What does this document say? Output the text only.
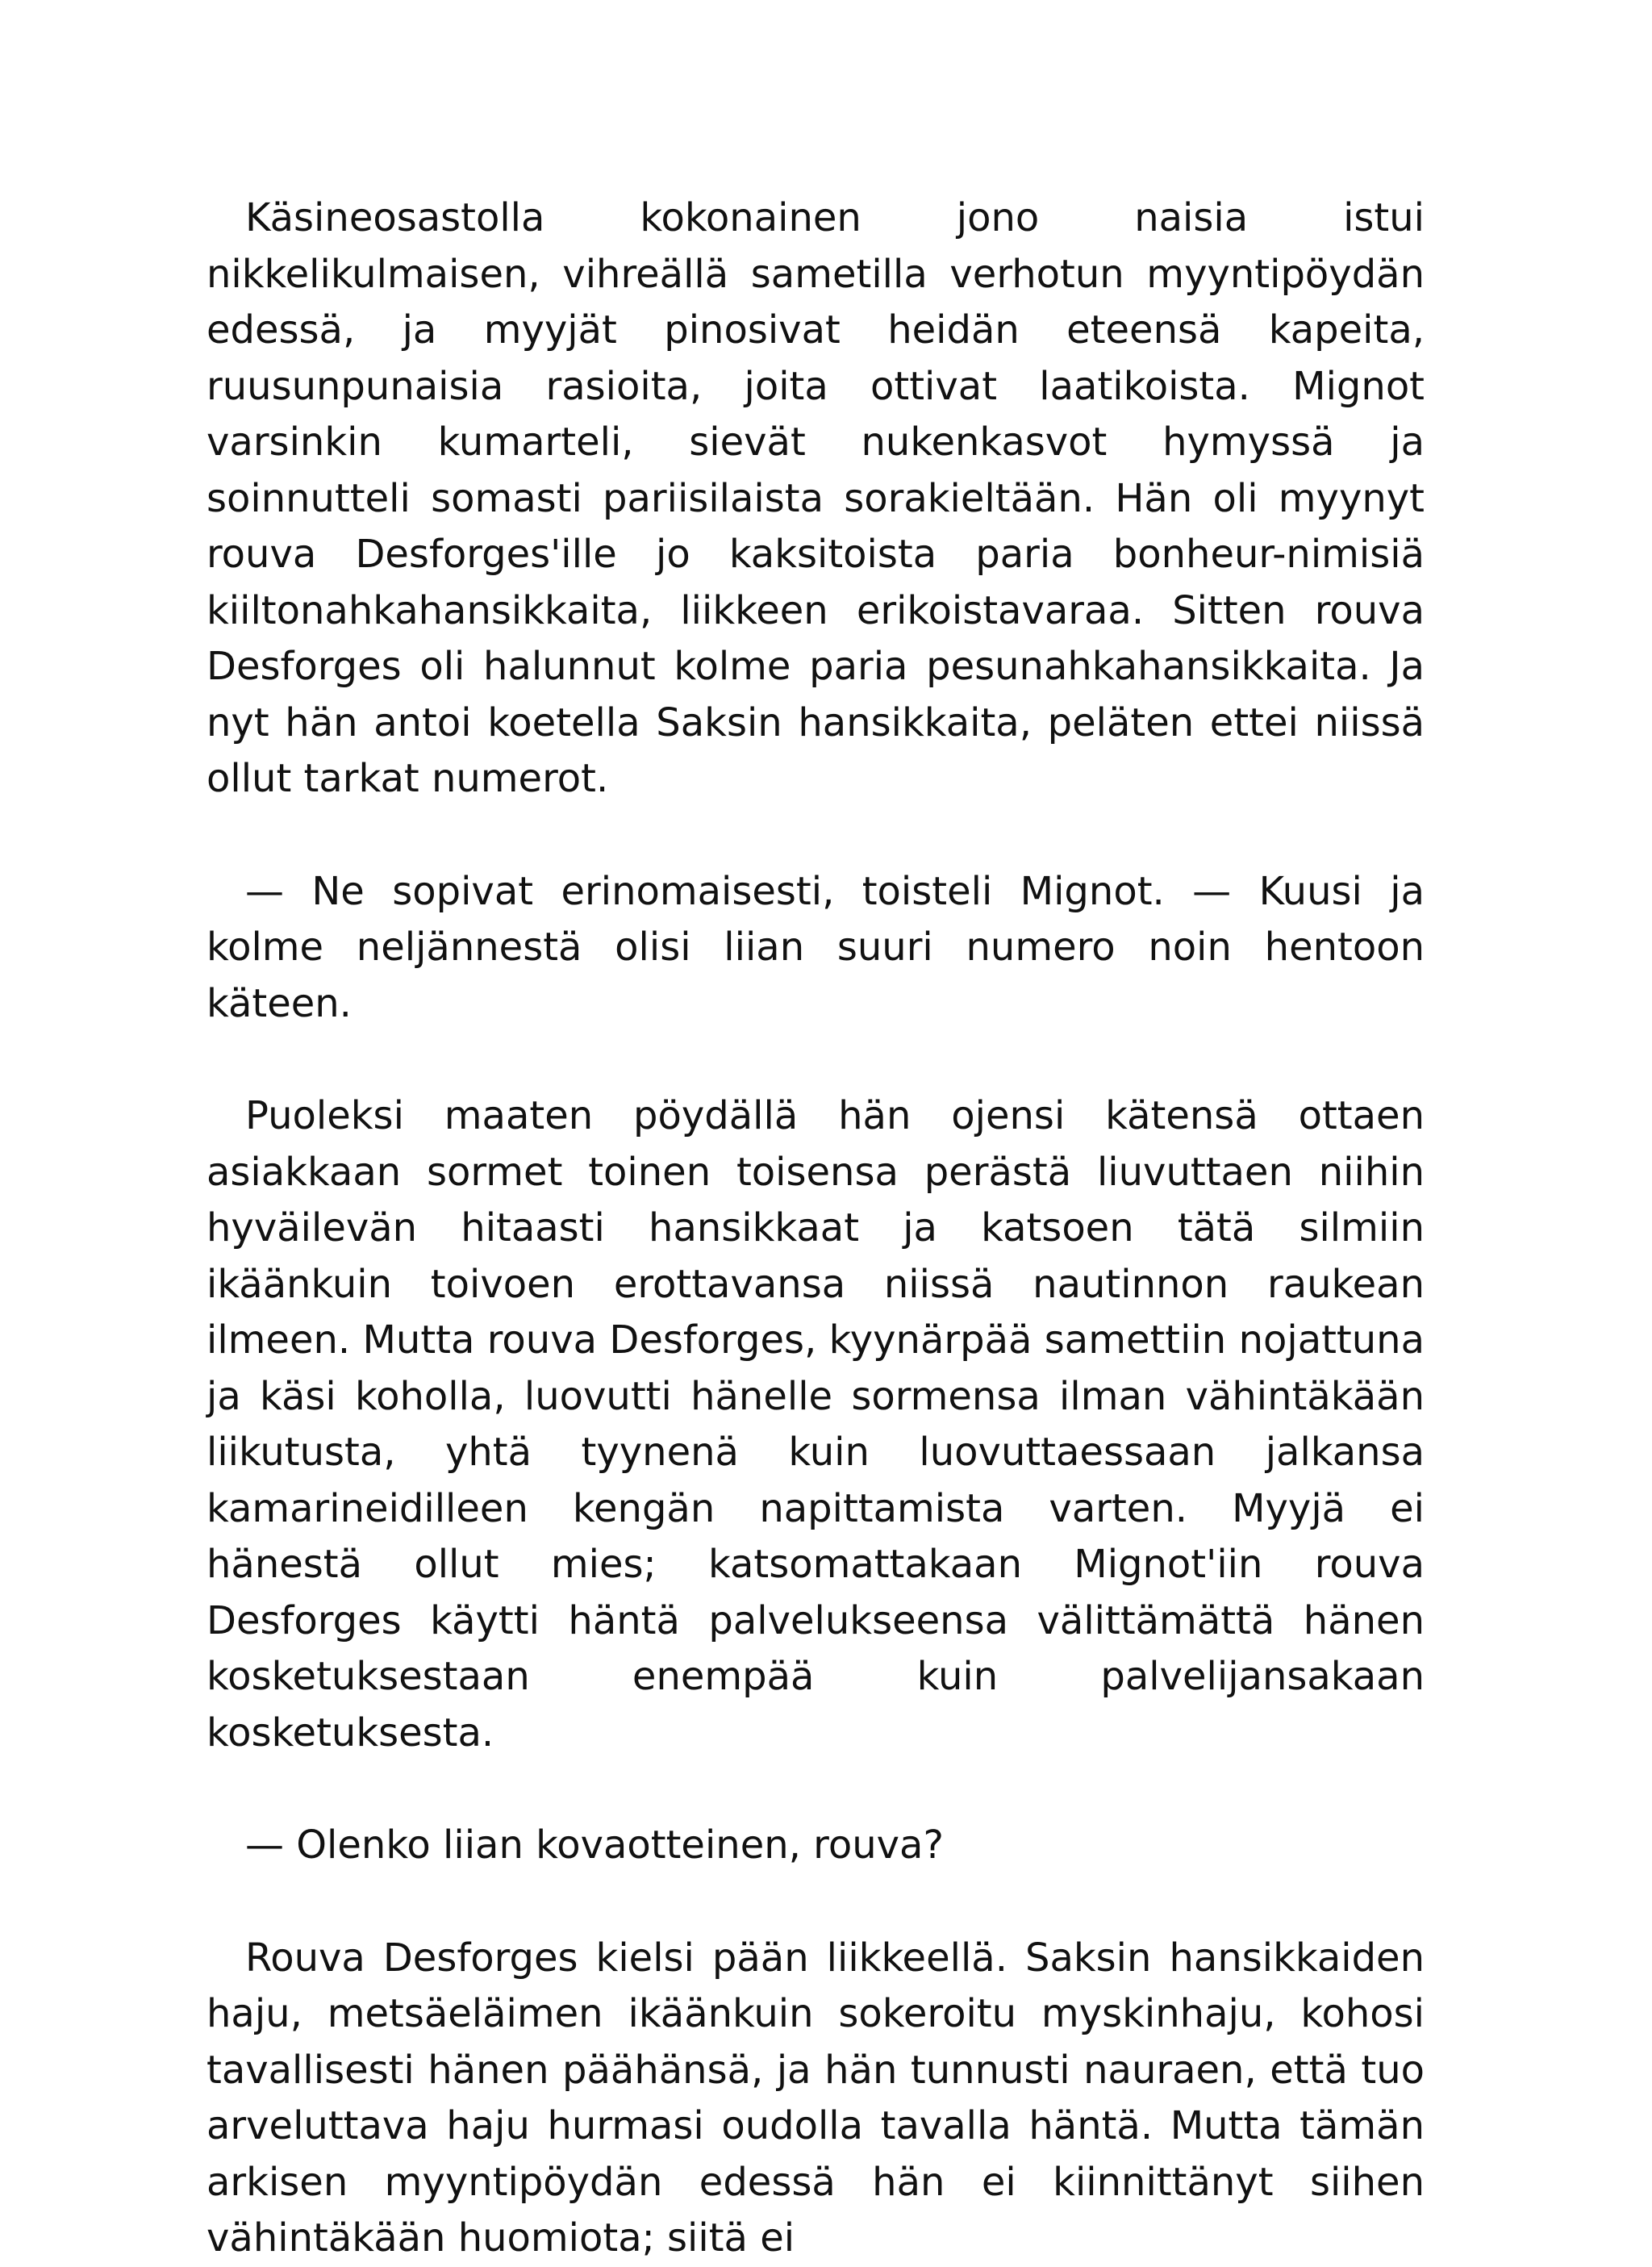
Käsineosastolla kokonainen jono naisia istui nikkelikulmaisen, vihreällä sametilla verhotun myyntipöydän edessä, ja myyjät pinosivat heidän eteensä kapeita, ruusunpunaisia rasioita, joita ottivat laatikoista. Mignot varsinkin kumarteli, sievät nukenkasvot hymyssä ja soinnutteli somasti pariisilaista sorakieltään. Hän oli myynyt rouva Desforges'ille jo kaksitoista paria bonheur-nimisiä kiiltonahkahansikkaita, liikkeen erikoistavaraa. Sitten rouva Desforges oli halunnut kolme paria pesunahkahansikkaita. Ja nyt hän antoi koetella Saksin hansikkaita, peläten ettei niissä ollut tarkat numerot.

— Ne sopivat erinomaisesti, toisteli Mignot. — Kuusi ja kolme neljännestä olisi liian suuri numero noin hentoon käteen.

Puoleksi maaten pöydällä hän ojensi kätensä ottaen asiakkaan sormet toinen toisensa perästä liuvuttaen niihin hyväilevän hitaasti hansikkaat ja katsoen tätä silmiin ikäänkuin toivoen erottavansa niissä nautinnon raukean ilmeen. Mutta rouva Desforges, kyynärpää samettiin nojattuna ja käsi koholla, luovutti hänelle sormensa ilman vähintäkään liikutusta, yhtä tyynenä kuin luovuttaessaan jalkansa kamarineidilleen kengän napittamista varten. Myyjä ei hänestä ollut mies; katsomattakaan Mignot'iin rouva Desforges käytti häntä palvelukseensa välittämättä hänen kosketuksestaan enempää kuin palvelijansakaan kosketuksesta.

— Olenko liian kovaotteinen, rouva?

Rouva Desforges kielsi pään liikkeellä. Saksin hansikkaiden haju, metsäeläimen ikäänkuin sokeroitu myskinhaju, kohosi tavallisesti hänen päähänsä, ja hän tunnusti nauraen, että tuo arveluttava haju hurmasi oudolla tavalla häntä. Mutta tämän arkisen myyntipöydän edessä hän ei kiinnittänyt siihen vähintäkään huomiota; siitä ei
